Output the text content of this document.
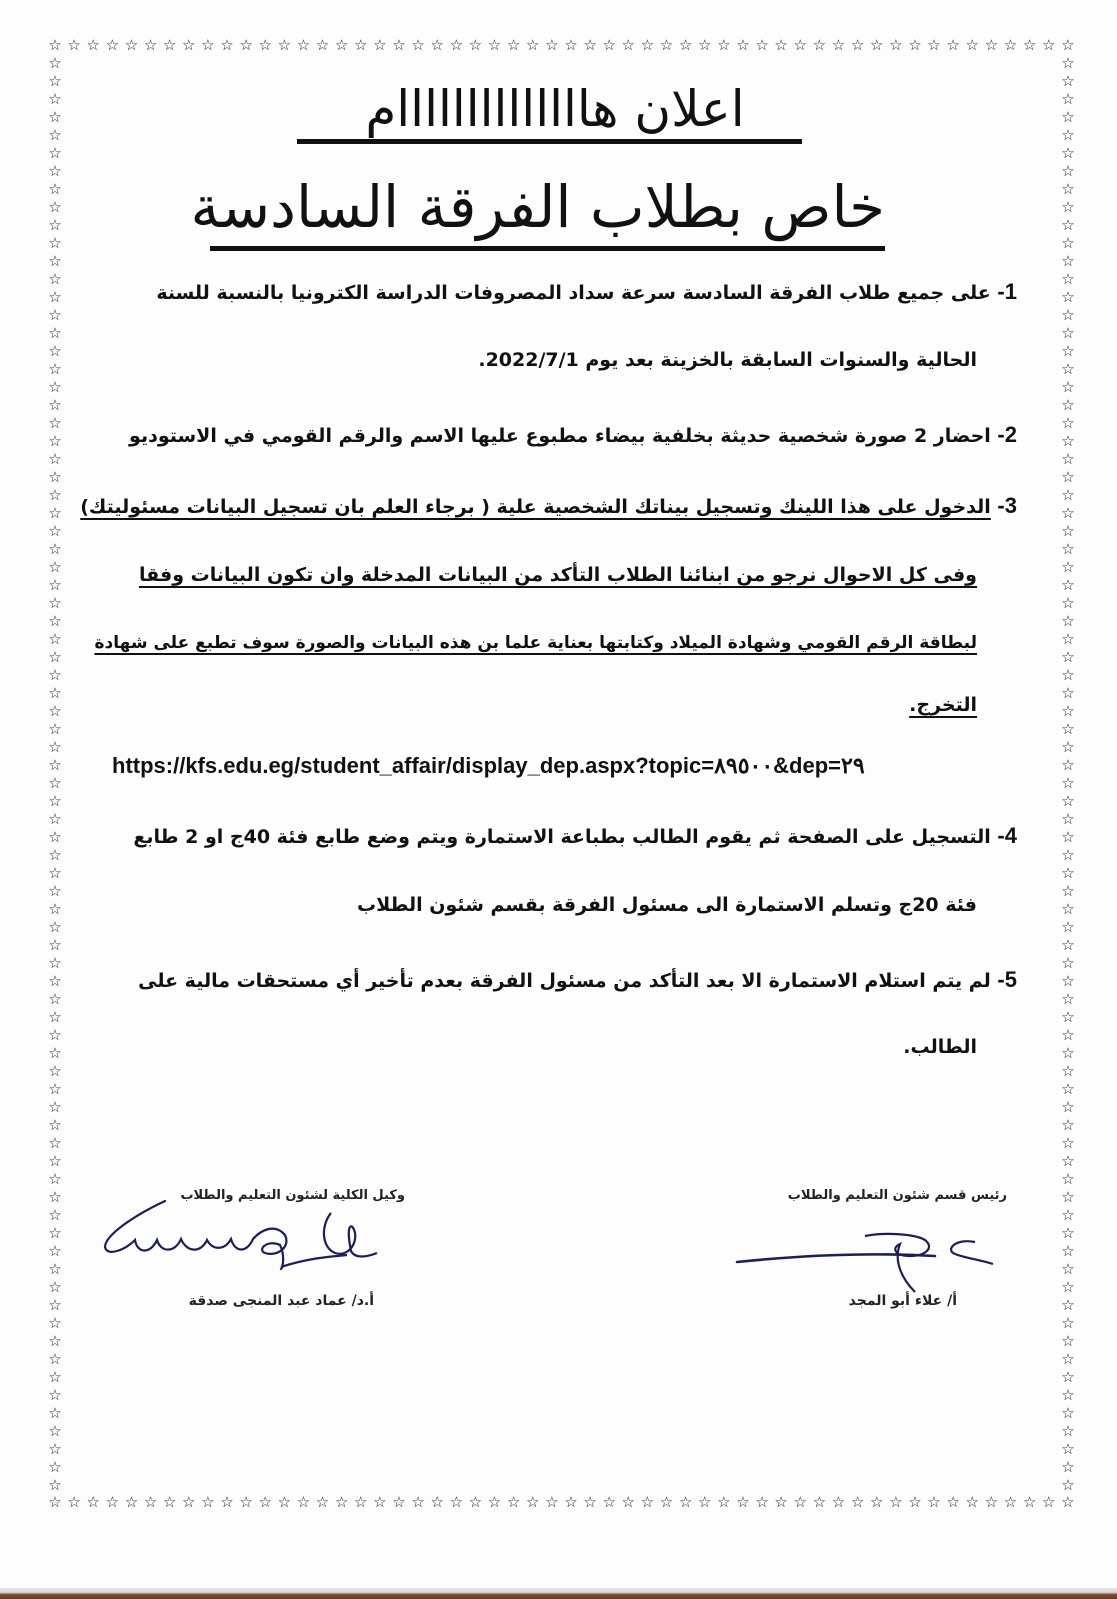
☆ ☆ ☆ ☆ ☆ ☆ ☆ ☆ ☆ ☆ ☆ ☆ ☆ ☆ ☆ ☆ ☆ ☆ ☆ ☆ ☆ ☆ ☆ ☆ ☆ ☆ ☆ ☆ ☆ ☆ ☆ ☆ ☆ ☆ ☆ ☆ ☆ ☆ ☆ ☆ ☆ ☆ ☆ ☆ ☆ ☆ ☆ ☆ ☆ ☆ ☆ ☆ ☆ ☆
☆ ☆ ☆ ☆ ☆ ☆ ☆ ☆ ☆ ☆ ☆ ☆ ☆ ☆ ☆ ☆ ☆ ☆ ☆ ☆ ☆ ☆ ☆ ☆ ☆ ☆ ☆ ☆ ☆ ☆ ☆ ☆ ☆ ☆ ☆ ☆ ☆ ☆ ☆ ☆ ☆ ☆ ☆ ☆ ☆ ☆ ☆ ☆ ☆ ☆ ☆ ☆ ☆ ☆
☆
☆
☆
☆
☆
☆
☆
☆
☆
☆
☆
☆
☆
☆
☆
☆
☆
☆
☆
☆
☆
☆
☆
☆
☆
☆
☆
☆
☆
☆
☆
☆
☆
☆
☆
☆
☆
☆
☆
☆
☆
☆
☆
☆
☆
☆
☆
☆
☆
☆
☆
☆
☆
☆
☆
☆
☆
☆
☆
☆
☆
☆
☆
☆
☆
☆
☆
☆
☆
☆
☆
☆
☆
☆
☆
☆
☆
☆
☆
☆
☆
☆
☆
☆
☆
☆
☆
☆
☆
☆
☆
☆
☆
☆
☆
☆
☆
☆
☆
☆
☆
☆
☆
☆
☆
☆
☆
☆
☆
☆
☆
☆
☆
☆
☆
☆
☆
☆
☆
☆
☆
☆
☆
☆
☆
☆
☆
☆
☆
☆
☆
☆
☆
☆
☆
☆
☆
☆
☆
☆
☆
☆
☆
☆
☆
☆
☆
☆
☆
☆
☆
☆
☆
☆
☆
☆
☆
☆
☆
☆
اعلان هاااااااااااااام
خاص بطلاب الفرقة السادسة
1- على جميع طلاب الفرقة السادسة سرعة سداد المصروفات الدراسة الكترونيا بالنسبة للسنة
الحالية والسنوات السابقة بالخزينة بعد يوم 2022/7/1.
2- احضار 2 صورة شخصية حديثة بخلفية بيضاء مطبوع عليها الاسم والرقم القومي في الاستوديو
3- الدخول على هذا اللينك وتسجيل بيناتك الشخصية علية ( برجاء العلم بان تسجيل البيانات مسئوليتك)
وفى كل الاحوال نرجو من ابنائنا الطلاب التأكد من البيانات المدخلة وان تكون البيانات وفقا
لبطاقة الرقم القومي وشهادة الميلاد وكتابتها بعناية علما بن هذه البيانات والصورة سوف تطبع على شهادة
التخرج.
https://kfs.edu.eg/student_affair/display_dep.aspx?topic=٨٩٥٠٠&dep=٢٩
4- التسجيل على الصفحة ثم يقوم الطالب بطباعة الاستمارة ويتم وضع طابع فئة 40ج او 2 طابع
فئة 20ج وتسلم الاستمارة الى مسئول الفرقة بقسم شئون الطلاب
5- لم يتم استلام الاستمارة الا بعد التأكد من مسئول الفرقة بعدم تأخير أي مستحقات مالية على
الطالب.
وكيل الكلية لشئون التعليم والطلاب
أ.د/ عماد عبد المنجى صدقة
رئيس قسم شئون التعليم والطلاب
أ/ علاء أبو المجد
